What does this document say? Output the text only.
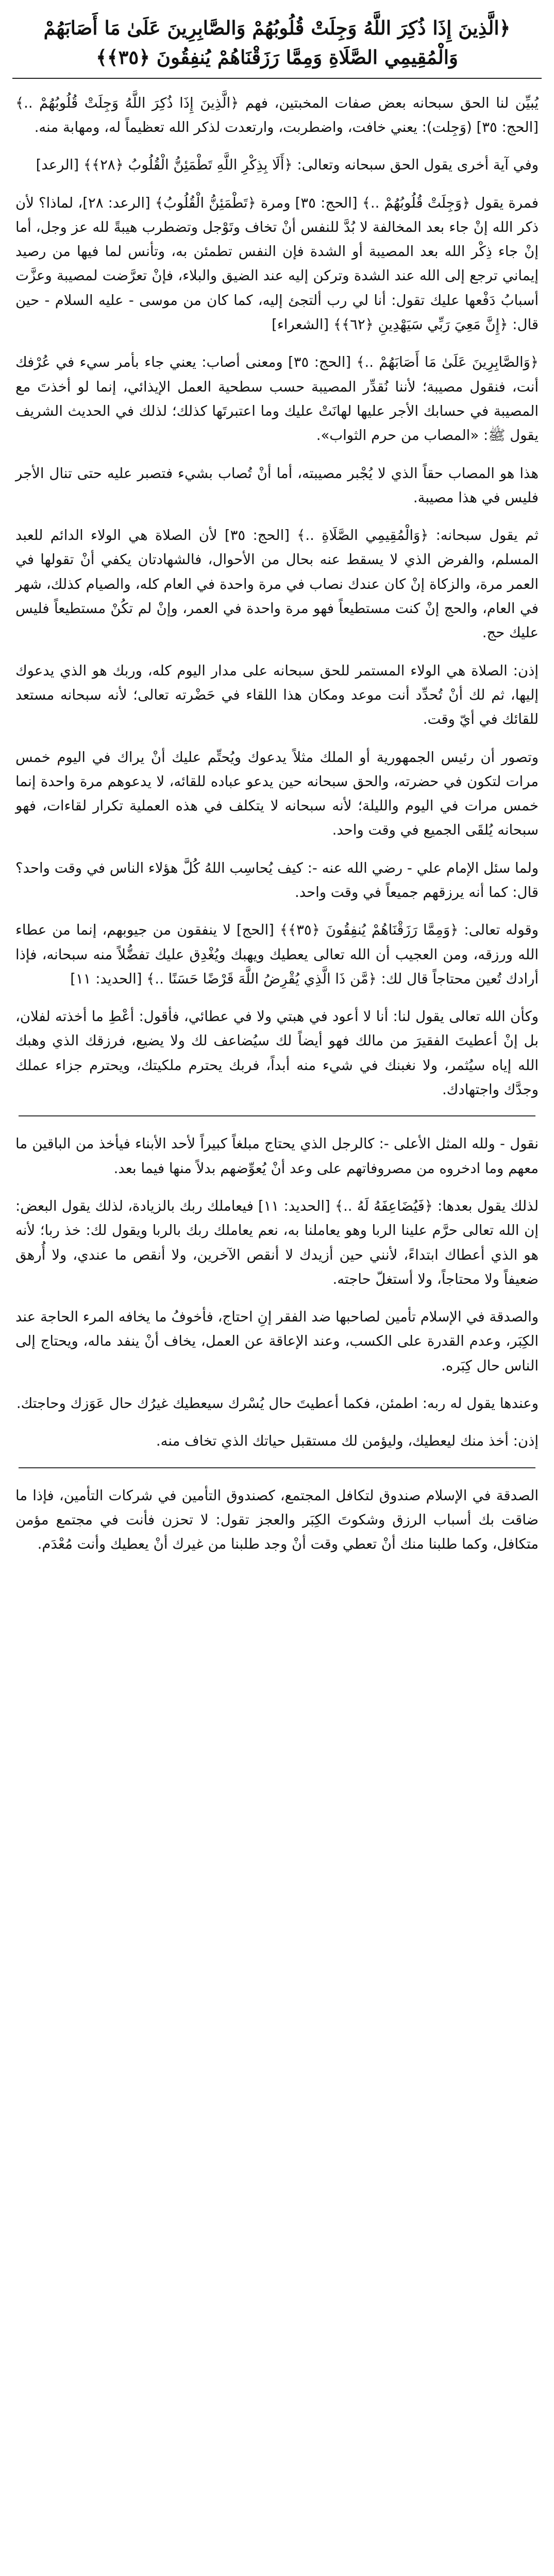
﴿الَّذِينَ إِذَا ذُكِرَ اللَّهُ وَجِلَتْ قُلُوبُهُمْ وَالصَّابِرِينَ عَلَىٰ مَا أَصَابَهُمْ وَالْمُقِيمِي الصَّلَاةِ وَمِمَّا رَزَقْنَاهُمْ يُنفِقُونَ ﴿٣٥﴾﴾

يُبيِّن لنا الحق سبحانه بعض صفات المخبتين، فهم ﴿الَّذِينَ إِذَا ذُكِرَ اللَّهُ وَجِلَتْ قُلُوبُهُمْ ..﴾ [الحج: ٣٥] (وَجِلت): يعني خافت، واضطربت، وارتعدت لذكر الله تعظيماً له، ومهابة منه.

وفي آية أخرى يقول الحق سبحانه وتعالى: ﴿أَلَا بِذِكْرِ اللَّهِ تَطْمَئِنُّ الْقُلُوبُ ﴿٢٨﴾﴾ [الرعد]

فمرة يقول ﴿وَجِلَتْ قُلُوبُهُمْ ..﴾ [الحج: ٣٥] ومرة ﴿تَطْمَئِنُّ الْقُلُوبُ﴾ [الرعد: ٢٨]، لماذا؟ لأن ذكر الله إنْ جاء بعد المخالفة لا بُدَّ للنفس أنْ تخاف وتَوْجل وتضطرب هيبةً لله عز وجل، أما إنْ جاء ذِكْر الله بعد المصيبة أو الشدة فإن النفس تطمئن به، وتأنس لما فيها من رصيد إيماني ترجع إلى الله عند الشدة وتركن إليه عند الضيق والبلاء، فإنْ تعرَّضت لمصيبة وعزَّت أسبابُ دَفْعها عليك تقول: أنا لي رب ألتجئ إليه، كما كان من موسى - عليه السلام - حين قال: ﴿إِنَّ مَعِيَ رَبِّي سَيَهْدِينِ ﴿٦٢﴾﴾ [الشعراء]

﴿وَالصَّابِرِينَ عَلَىٰ مَا أَصَابَهُمْ ..﴾ [الحج: ٣٥] ومعنى أصاب: يعني جاء بأمر سيء في عُرْفك أنت، فنقول مصيبة؛ لأننا نُقدِّر المصيبة حسب سطحية العمل الإيذائي، إنما لو أخذتَ مع المصيبة في حسابك الأجر عليها لهانَتْ عليك وما اعتبرتَها كذلك؛ لذلك في الحديث الشريف يقول ﷺ: «المصاب من حرم الثواب».

هذا هو المصاب حقاً الذي لا يُجْبر مصيبته، أما أنْ تُصاب بشيء فتصبر عليه حتى تنال الأجر فليس في هذا مصيبة.

ثم يقول سبحانه: ﴿وَالْمُقِيمِي الصَّلَاةِ ..﴾ [الحج: ٣٥] لأن الصلاة هي الولاء الدائم للعبد المسلم، والفرض الذي لا يسقط عنه بحال من الأحوال، فالشهادتان يكفي أنْ تقولها في العمر مرة، والزكاة إنْ كان عندك نصاب في مرة واحدة في العام كله، والصيام كذلك، شهر في العام، والحج إنْ كنت مستطيعاً فهو مرة واحدة في العمر، وإنْ لم تكُنْ مستطيعاً فليس عليك حج.

إذن: الصلاة هي الولاء المستمر للحق سبحانه على مدار اليوم كله، وربك هو الذي يدعوك إليها، ثم لك أنْ تُحدِّد أنت موعد ومكان هذا اللقاء في حَضْرته تعالى؛ لأنه سبحانه مستعد للقائك في أيّ وقت.

وتصور أن رئيس الجمهورية أو الملك مثلاً يدعوك ويُحتِّم عليك أنْ يراك في اليوم خمس مرات لتكون في حضرته، والحق سبحانه حين يدعو عباده للقائه، لا يدعوهم مرة واحدة إنما خمس مرات في اليوم والليلة؛ لأنه سبحانه لا يتكلف في هذه العملية تكرار لقاءات، فهو سبحانه يُلقَى الجميع في وقت واحد.

ولما سئل الإمام علي - رضي الله عنه -: كيف يُحاسِب اللهُ كُلَّ هؤلاء الناس في وقت واحد؟ قال: كما أنه يرزقهم جميعاً في وقت واحد.

وقوله تعالى: ﴿وَمِمَّا رَزَقْنَاهُمْ يُنفِقُونَ ﴿٣٥﴾﴾ [الحج] لا ينفقون من جيوبهم، إنما من عطاء الله ورزقه، ومن العجيب أن الله تعالى يعطيك ويهبك ويُغْدِق عليك تفضُّلاً منه سبحانه، فإذا أرادك تُعين محتاجاً قال لك: ﴿مَّن ذَا الَّذِي يُقْرِضُ اللَّهَ قَرْضًا حَسَنًا ..﴾ [الحديد: ١١]

وكأن الله تعالى يقول لنا: أنا لا أعود في هبتي ولا في عطائي، فأقول: أعْطِ ما أخذته لفلان، بل إنْ أعطيتَ الفقيرَ من مالك فهو أيضاً لك سيُضاعف لك ولا يضيع، فرزقك الذي وهبك الله إياه سيُثمر، ولا نغبنك في شيء منه أبداً، فربك يحترم ملكيتك، ويحترم جزاء عملك وجدَّك واجتهادك.

نقول - ولله المثل الأعلى -: كالرجل الذي يحتاج مبلغاً كبيراً لأحد الأبناء فيأخذ من الباقين ما معهم وما ادخروه من مصروفاتهم على وعد أنْ يُعوِّضهم بدلاً منها فيما بعد.

لذلك يقول بعدها: ﴿فَيُضَاعِفَهُ لَهُ ..﴾ [الحديد: ١١] فيعاملك ربك بالزيادة، لذلك يقول البعض: إن الله تعالى حرَّم علينا الربا وهو يعاملنا به، نعم يعاملك ربك بالربا ويقول لك: خذ ربا؛ لأنه هو الذي أعطاك ابتداءً، لأنني حين أزيدك لا أنقص الآخرين، ولا أنقص ما عندي، ولا أُرهق ضعيفاً ولا محتاجاً، ولا أستغلّ حاجته.

والصدقة في الإسلام تأمين لصاحبها ضد الفقر إنِ احتاج، فأخوفُ ما يخافه المرء الحاجة عند الكِبَر، وعدم القدرة على الكسب، وعند الإعاقة عن العمل، يخاف أنْ ينفد ماله، ويحتاج إلى الناس حال كِبَره.

وعندها يقول له ربه: اطمئن، فكما أعطيتَ حال يُسْرك سيعطيك غيرُك حال عَوَزك وحاجتك.

إذن: أخذ منك ليعطيك، وليؤمن لك مستقبل حياتك الذي تخاف منه.

الصدقة في الإسلام صندوق لتكافل المجتمع، كصندوق التأمين في شركات التأمين، فإذا ما ضاقت بك أسباب الرزق وشكوتَ الكِبَر والعجز تقول: لا تحزن فأنت في مجتمع مؤمن متكافل، وكما طلبنا منك أنْ تعطي وقت أنْ وجد طلبنا من غيرك أنْ يعطيك وأنت مُعْدَم.
